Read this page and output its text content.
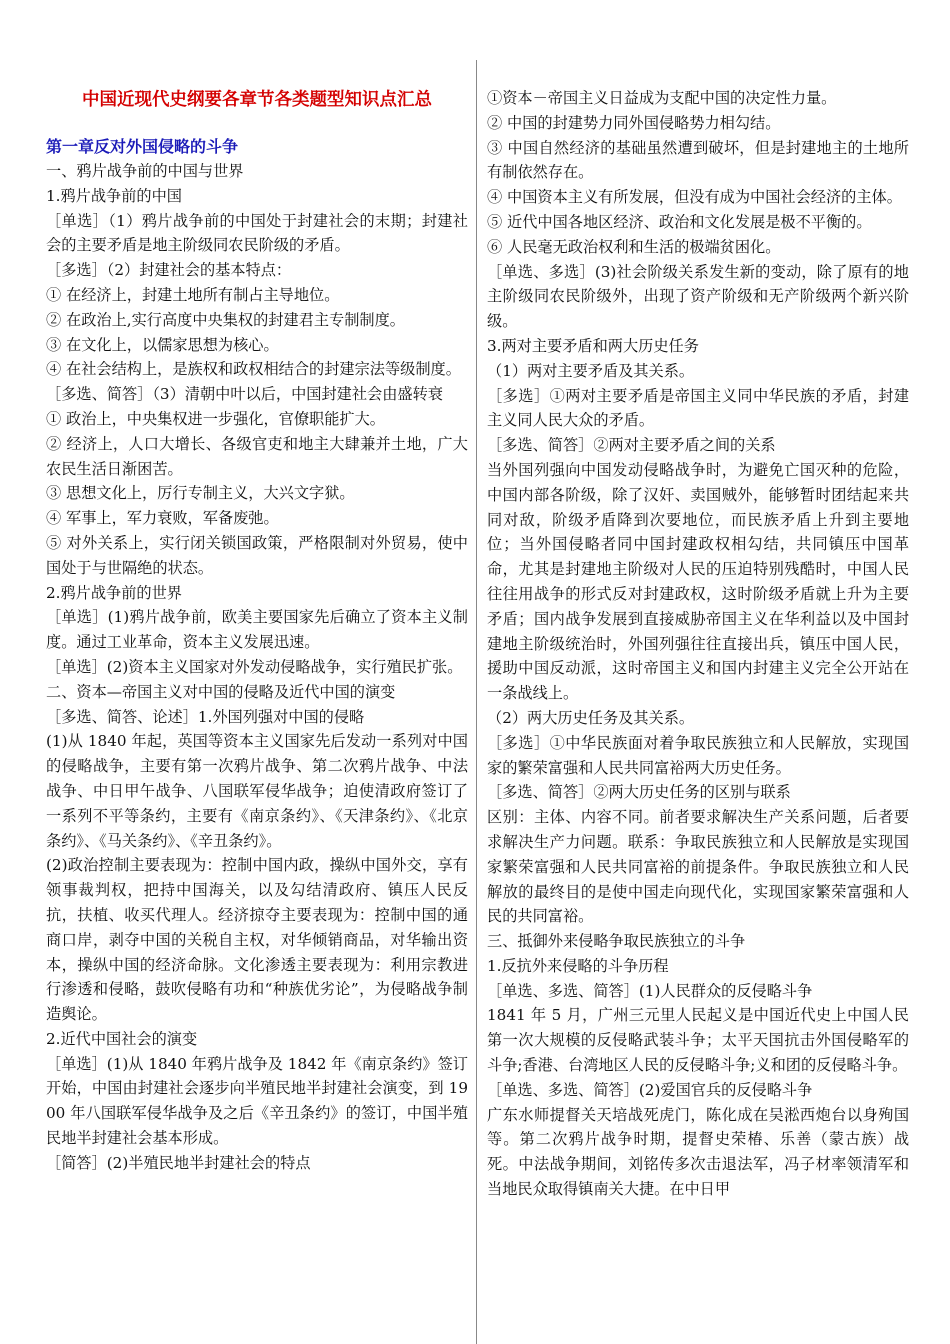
中国近现代史纲要各章节各类题型知识点汇总

第一章反对外国侵略的斗争

一、鸦片战争前的中国与世界

1.鸦片战争前的中国

［单选］（1）鸦片战争前的中国处于封建社会的末期；封建社会的主要矛盾是地主阶级同农民阶级的矛盾。

［多选］（2）封建社会的基本特点：

① 在经济上，封建土地所有制占主导地位。

② 在政治上,实行高度中央集权的封建君主专制制度。

③ 在文化上，以儒家思想为核心。

④ 在社会结构上，是族权和政权相结合的封建宗法等级制度。

［多选、简答］（3）清朝中叶以后，中国封建社会由盛转衰

① 政治上，中央集权进一步强化，官僚职能扩大。

② 经济上，人口大增长、各级官吏和地主大肆兼并土地，广大农民生活日渐困苦。

③ 思想文化上，厉行专制主义，大兴文字狱。

④ 军事上，军力衰败，军备废弛。

⑤ 对外关系上，实行闭关锁国政策，严格限制对外贸易，使中国处于与世隔绝的状态。

2.鸦片战争前的世界

［单选］(1)鸦片战争前，欧美主要国家先后确立了资本主义制度。通过工业革命，资本主义发展迅速。

［单选］(2)资本主义国家对外发动侵略战争，实行殖民扩张。

二、资本—帝国主义对中国的侵略及近代中国的演变

［多选、简答、论述］1.外国列强对中国的侵略

(1)从 1840 年起，英国等资本主义国家先后发动一系列对中国的侵略战争，主要有第一次鸦片战争、第二次鸦片战争、中法战争、中日甲午战争、八国联军侵华战争；迫使清政府签订了一系列不平等条约，主要有《南京条约》、《天津条约》、《北京条约》、《马关条约》、《辛丑条约》。

(2)政治控制主要表现为：控制中国内政，操纵中国外交，享有领事裁判权，把持中国海关，以及勾结清政府、镇压人民反抗，扶植、收买代理人。经济掠夺主要表现为：控制中国的通商口岸，剥夺中国的关税自主权，对华倾销商品，对华输出资本，操纵中国的经济命脉。文化渗透主要表现为：利用宗教进行渗透和侵略，鼓吹侵略有功和“种族优劣论”，为侵略战争制造舆论。

2.近代中国社会的演变

［单选］(1)从 1840 年鸦片战争及 1842 年《南京条约》签订开始，中国由封建社会逐步向半殖民地半封建社会演变，到 1900 年八国联军侵华战争及之后《辛丑条约》的签订，中国半殖民地半封建社会基本形成。

［简答］(2)半殖民地半封建社会的特点

①资本－帝国主义日益成为支配中国的决定性力量。

② 中国的封建势力同外国侵略势力相勾结。

③ 中国自然经济的基础虽然遭到破坏，但是封建地主的土地所有制依然存在。

④ 中国资本主义有所发展，但没有成为中国社会经济的主体。

⑤ 近代中国各地区经济、政治和文化发展是极不平衡的。

⑥ 人民毫无政治权利和生活的极端贫困化。

［单选、多选］(3)社会阶级关系发生新的变动，除了原有的地主阶级同农民阶级外，出现了资产阶级和无产阶级两个新兴阶级。

3.两对主要矛盾和两大历史任务

（1）两对主要矛盾及其关系。

［多选］①两对主要矛盾是帝国主义同中华民族的矛盾，封建主义同人民大众的矛盾。

［多选、简答］②两对主要矛盾之间的关系

当外国列强向中国发动侵略战争时，为避免亡国灭种的危险，中国内部各阶级，除了汉奸、卖国贼外，能够暂时团结起来共同对敌，阶级矛盾降到次要地位，而民族矛盾上升到主要地位；当外国侵略者同中国封建政权相勾结，共同镇压中国革命，尤其是封建地主阶级对人民的压迫特别残酷时，中国人民往往用战争的形式反对封建政权，这时阶级矛盾就上升为主要矛盾；国内战争发展到直接威胁帝国主义在华利益以及中国封建地主阶级统治时，外国列强往往直接出兵，镇压中国人民，援助中国反动派，这时帝国主义和国内封建主义完全公开站在一条战线上。

（2）两大历史任务及其关系。

［多选］①中华民族面对着争取民族独立和人民解放，实现国家的繁荣富强和人民共同富裕两大历史任务。

［多选、简答］②两大历史任务的区别与联系

区别：主体、内容不同。前者要求解决生产关系问题，后者要求解决生产力问题。联系：争取民族独立和人民解放是实现国家繁荣富强和人民共同富裕的前提条件。争取民族独立和人民解放的最终目的是使中国走向现代化，实现国家繁荣富强和人民的共同富裕。

三、抵御外来侵略争取民族独立的斗争

1.反抗外来侵略的斗争历程

［单选、多选、简答］(1)人民群众的反侵略斗争

1841 年 5 月，广州三元里人民起义是中国近代史上中国人民第一次大规模的反侵略武装斗争；太平天国抗击外国侵略军的斗争;香港、台湾地区人民的反侵略斗争;义和团的反侵略斗争。

［单选、多选、简答］(2)爱国官兵的反侵略斗争

广东水师提督关天培战死虎门，陈化成在吴淞西炮台以身殉国等。第二次鸦片战争时期，提督史荣椿、乐善（蒙古族）战死。中法战争期间，刘铭传多次击退法军，冯子材率领清军和当地民众取得镇南关大捷。在中日甲
